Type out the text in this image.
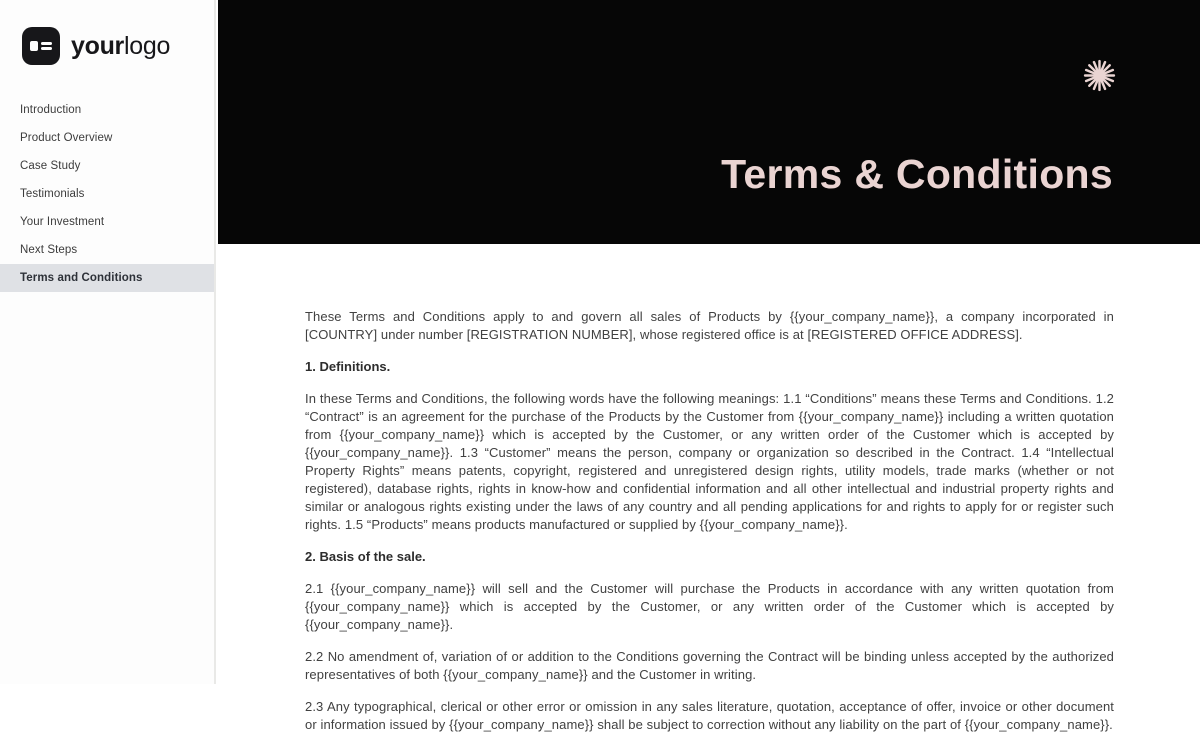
yourlogo
Introduction
Product Overview
Case Study
Testimonials
Your Investment
Next Steps
Terms and Conditions
Terms & Conditions

These Terms and Conditions apply to and govern all sales of Products by {{your_company_name}}, a company incorporated in [COUNTRY] under number [REGISTRATION NUMBER], whose registered office is at [REGISTERED OFFICE ADDRESS].

1. Definitions.

In these Terms and Conditions, the following words have the following meanings: 1.1 “Conditions” means these Terms and Conditions. 1.2 “Contract” is an agreement for the purchase of the Products by the Customer from {{your_company_name}} including a written quotation from {{your_company_name}} which is accepted by the Customer, or any written order of the Customer which is accepted by {{your_company_name}}. 1.3 “Customer” means the person, company or organization so described in the Contract. 1.4 “Intellectual Property Rights” means patents, copyright, registered and unregistered design rights, utility models, trade marks (whether or not registered), database rights, rights in know-how and confidential information and all other intellectual and industrial property rights and similar or analogous rights existing under the laws of any country and all pending applications for and rights to apply for or register such rights. 1.5 “Products” means products manufactured or supplied by {{your_company_name}}.

2. Basis of the sale.

2.1 {{your_company_name}} will sell and the Customer will purchase the Products in accordance with any written quotation from {{your_company_name}} which is accepted by the Customer, or any written order of the Customer which is accepted by {{your_company_name}}.

2.2 No amendment of, variation of or addition to the Conditions governing the Contract will be binding unless accepted by the authorized representatives of both {{your_company_name}} and the Customer in writing.

2.3 Any typographical, clerical or other error or omission in any sales literature, quotation, acceptance of offer, invoice or other document or information issued by {{your_company_name}} shall be subject to correction without any liability on the part of {{your_company_name}}.
